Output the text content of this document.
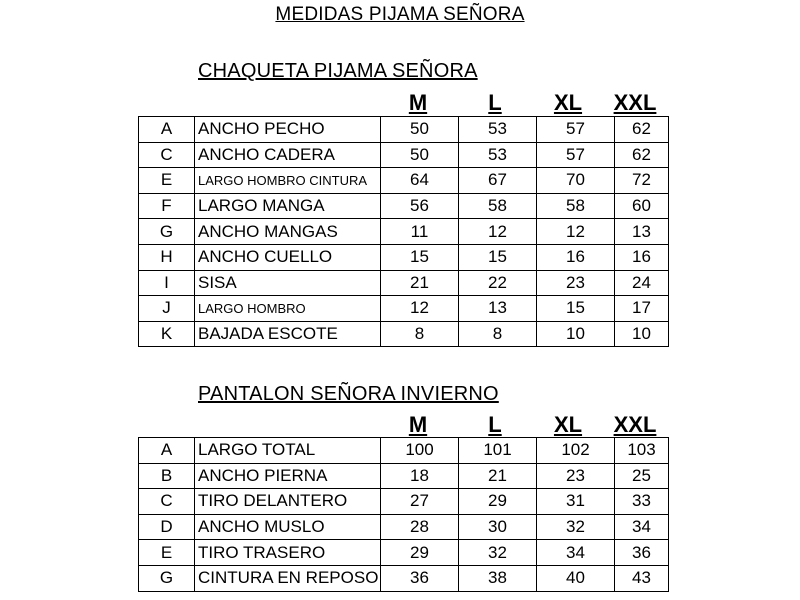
MEDIDAS PIJAMA SEÑORA
CHAQUETA PIJAMA SEÑORA
M	L	XL XXL
A	ANCHO PECHO	50	53	57	62
C	ANCHO CADERA	50	53	57	62
E	LARGO HOMBRO CINTURA	64	67	70	72
F	LARGO MANGA	56	58	58	60
G	ANCHO MANGAS	11	12	12	13
H	ANCHO CUELLO	15	15	16	16
I	SISA	21	22	23	24
J	LARGO HOMBRO	12	13	15	17
K	BAJADA ESCOTE	8	8	10	10
PANTALON SEÑORA INVIERNO
M	L	XL XXL
A	LARGO TOTAL	100	101	102	103
B	ANCHO PIERNA	18	21	23	25
C	TIRO DELANTERO	27	29	31	33
D	ANCHO MUSLO	28	30	32	34
E	TIRO TRASERO	29	32	34	36
G	CINTURA EN REPOSO	36	38	40	43
